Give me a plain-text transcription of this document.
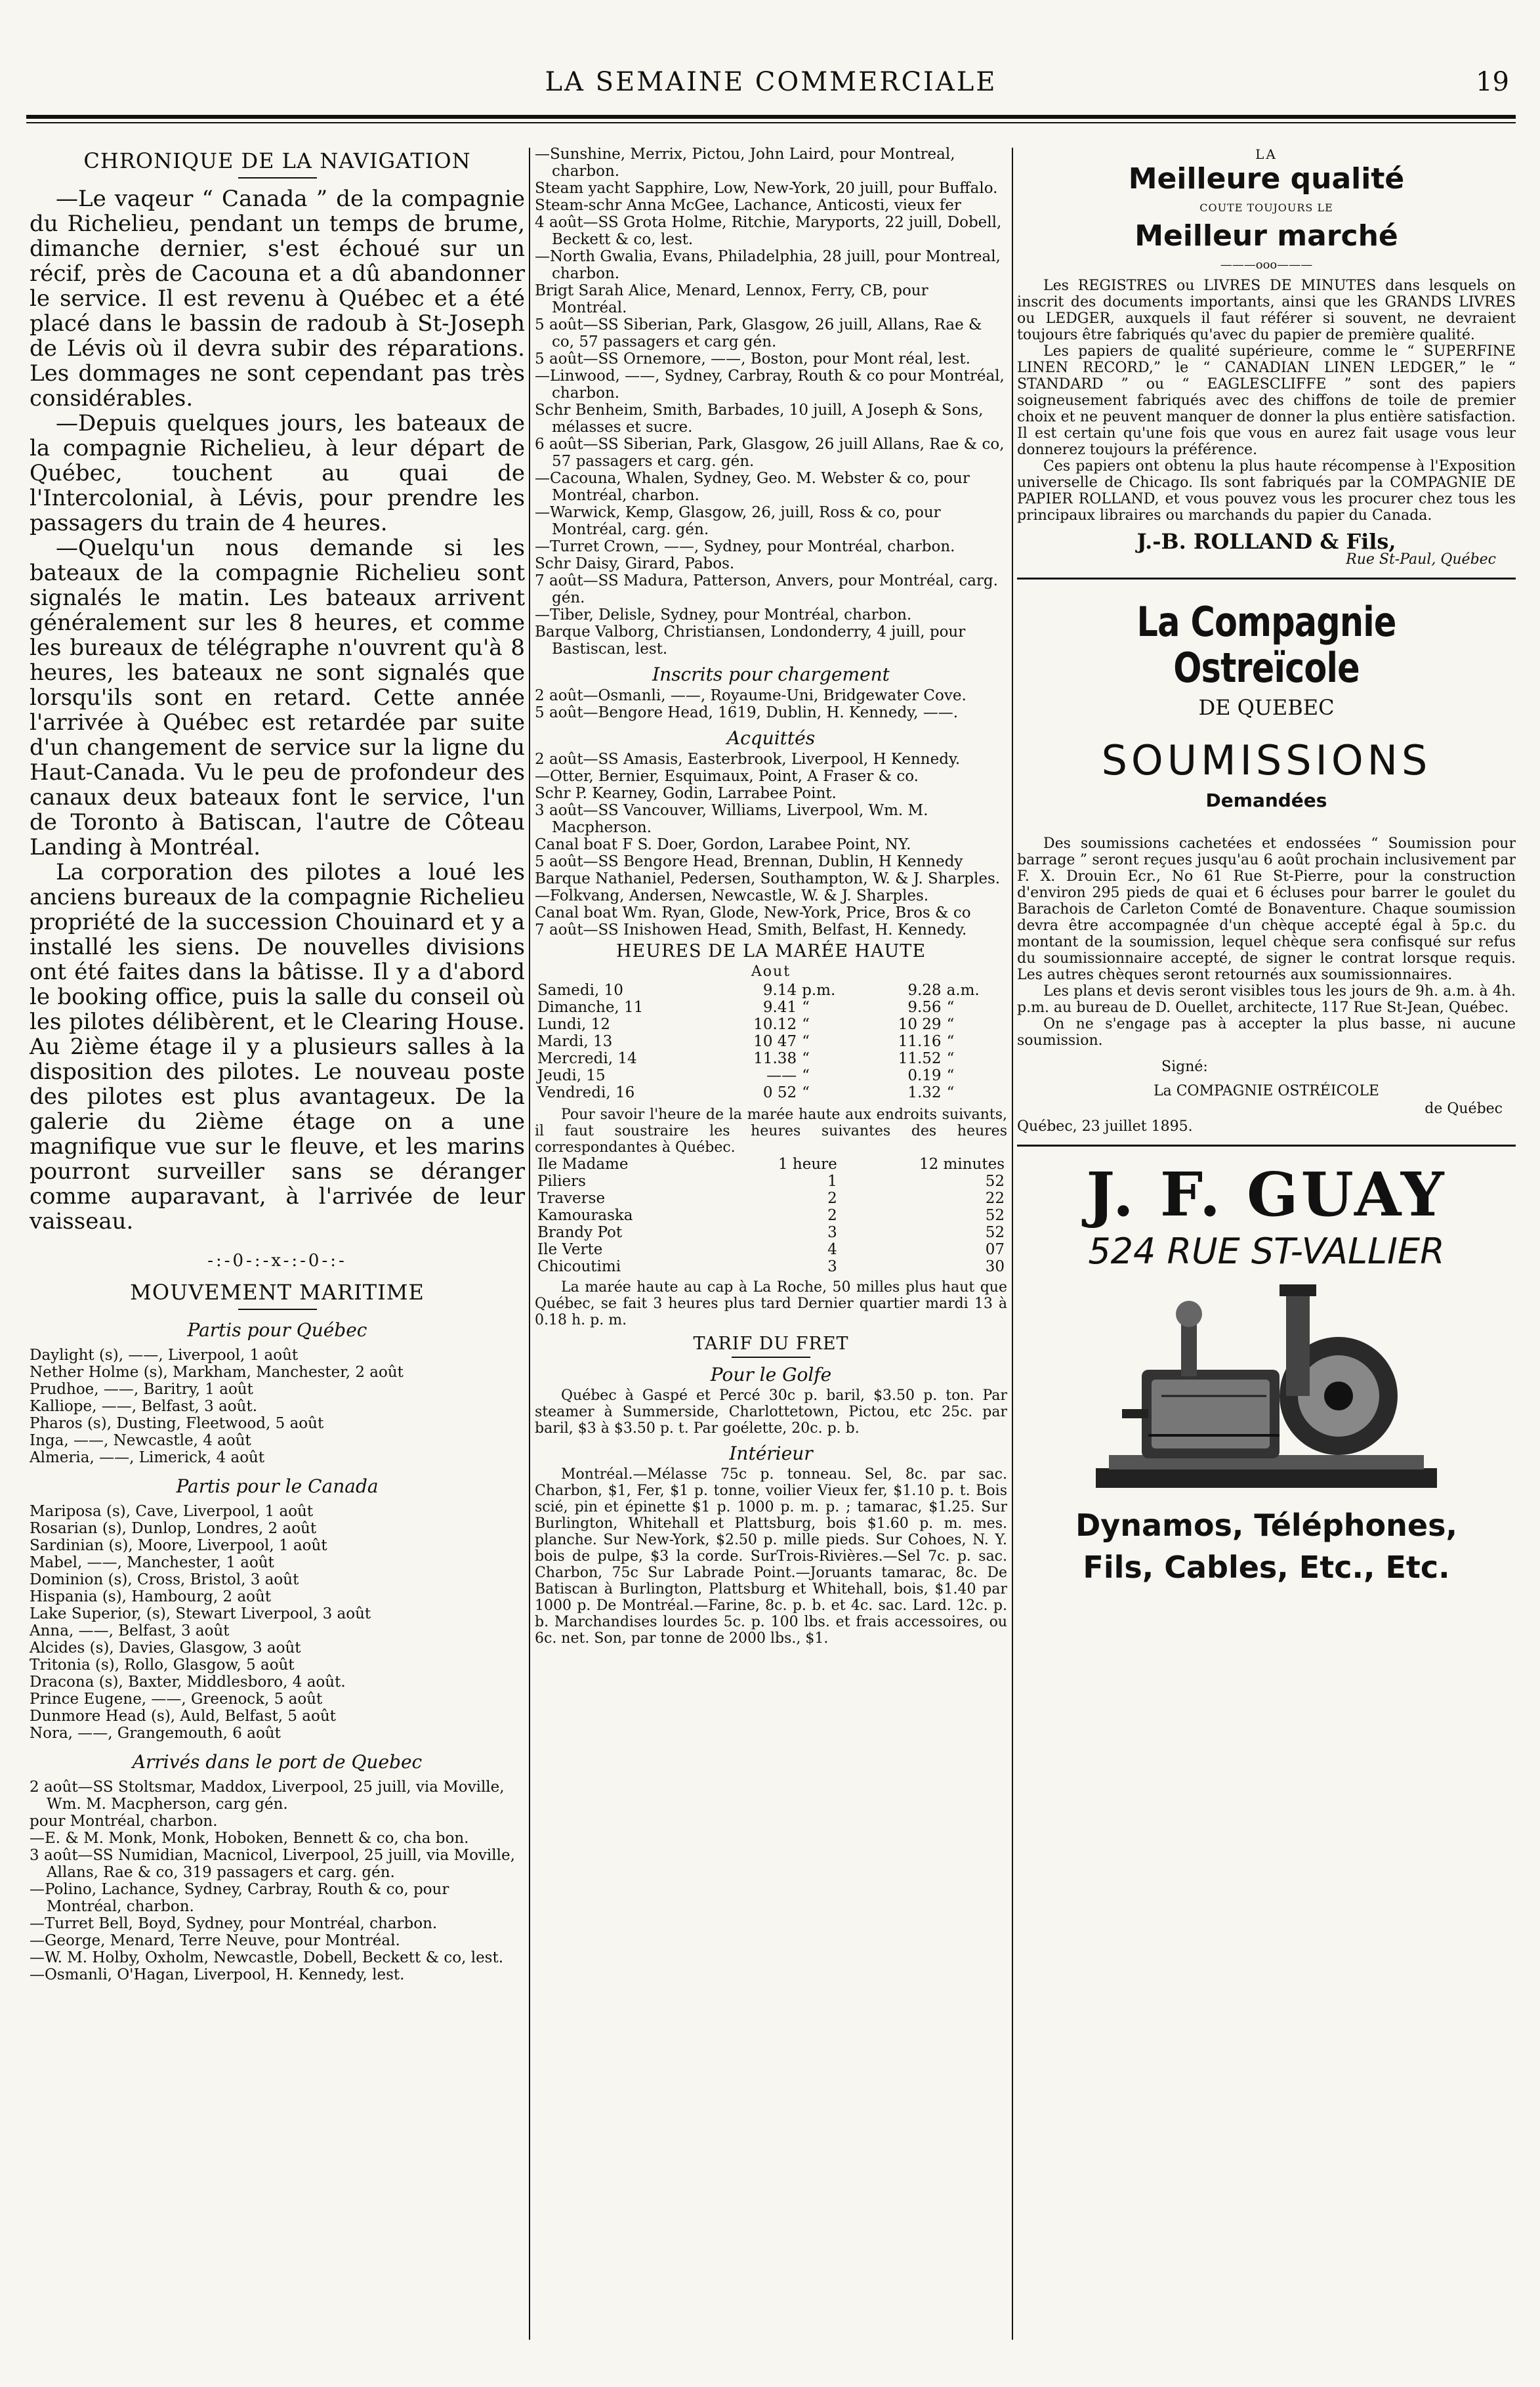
LA SEMAINE COMMERCIALE	19
CHRONIQUE DE LA NAVIGATION

—Le vaqeur “ Canada ” de la compagnie du Richelieu, pendant un temps de brume, dimanche dernier, s'est échoué sur un récif, près de Cacouna et a dû abandonner le service. Il est revenu à Québec et a été placé dans le bassin de radoub à St-Joseph de Lévis où il devra subir des réparations. Les dommages ne sont cependant pas très considérables.

—Depuis quelques jours, les bateaux de la compagnie Richelieu, à leur départ de Québec, touchent au quai de l'Intercolonial, à Lévis, pour prendre les passagers du train de 4 heures.

—Quelqu'un nous demande si les bateaux de la compagnie Richelieu sont signalés le matin. Les bateaux arrivent généralement sur les 8 heures, et comme les bureaux de télégraphe n'ouvrent qu'à 8 heures, les bateaux ne sont signalés que lorsqu'ils sont en retard. Cette année l'arrivée à Québec est retardée par suite d'un changement de service sur la ligne du Haut-Canada. Vu le peu de profondeur des canaux deux bateaux font le service, l'un de Toronto à Batiscan, l'autre de Côteau Landing à Montréal.

La corporation des pilotes a loué les anciens bureaux de la compagnie Richelieu propriété de la succession Chouinard et y a installé les siens. De nouvelles divisions ont été faites dans la bâtisse. Il y a d'abord le booking office, puis la salle du conseil où les pilotes délibèrent, et le Clearing House. Au 2ième étage il y a plusieurs salles à la disposition des pilotes. Le nouveau poste des pilotes est plus avantageux. De la galerie du 2ième étage on a une magnifique vue sur le fleuve, et les marins pourront surveiller sans se déranger comme auparavant, à l'arrivée de leur vaisseau.

-:-0-:-x-:-0-:-
MOUVEMENT MARITIME
Partis pour Québec

Daylight (s), ——, Liverpool, 1 août

Nether Holme (s), Markham, Manchester, 2 août

Prudhoe, ——, Baritry, 1 août

Kalliope, ——, Belfast, 3 août.

Pharos (s), Dusting, Fleetwood, 5 août

Inga, ——, Newcastle, 4 août

Almeria, ——, Limerick, 4 août

Partis pour le Canada

Mariposa (s), Cave, Liverpool, 1 août

Rosarian (s), Dunlop, Londres, 2 août

Sardinian (s), Moore, Liverpool, 1 août

Mabel, ——, Manchester, 1 août

Dominion (s), Cross, Bristol, 3 août

Hispania (s), Hambourg, 2 août

Lake Superior, (s), Stewart Liverpool, 3 août

Anna, ——, Belfast, 3 août

Alcides (s), Davies, Glasgow, 3 août

Tritonia (s), Rollo, Glasgow, 5 août

Dracona (s), Baxter, Middlesboro, 4 août.

Prince Eugene, ——, Greenock, 5 août

Dunmore Head (s), Auld, Belfast, 5 août

Nora, ——, Grangemouth, 6 août

Arrivés dans le port de Quebec

2 août—SS Stoltsmar, Maddox, Liverpool, 25 juill, via Moville, Wm. M. Macpherson, carg gén.

pour Montréal, charbon.

—E. & M. Monk, Monk, Hoboken, Bennett & co, cha bon.

3 août—SS Numidian, Macnicol, Liverpool, 25 juill, via Moville, Allans, Rae & co, 319 passagers et carg. gén.

—Polino, Lachance, Sydney, Carbray, Routh & co, pour Montréal, charbon.

—Turret Bell, Boyd, Sydney, pour Montréal, charbon.

—George, Menard, Terre Neuve, pour Montréal.

—W. M. Holby, Oxholm, Newcastle, Dobell, Beckett & co, lest.

—Osmanli, O'Hagan, Liverpool, H. Kennedy, lest.

—Sunshine, Merrix, Pictou, John Laird, pour Montreal, charbon.

Steam yacht Sapphire, Low, New-York, 20 juill, pour Buffalo.

Steam-schr Anna McGee, Lachance, Anticosti, vieux fer

4 août—SS Grota Holme, Ritchie, Maryports, 22 juill, Dobell, Beckett & co, lest.

—North Gwalia, Evans, Philadelphia, 28 juill, pour Montreal, charbon.

Brigt Sarah Alice, Menard, Lennox, Ferry, CB, pour Montréal.

5 août—SS Siberian, Park, Glasgow, 26 juill, Allans, Rae & co, 57 passagers et carg gén.

5 août—SS Ornemore, ——, Boston, pour Mont réal, lest.

—Linwood, ——, Sydney, Carbray, Routh & co pour Montréal, charbon.

Schr Benheim, Smith, Barbades, 10 juill, A Joseph & Sons, mélasses et sucre.

6 août—SS Siberian, Park, Glasgow, 26 juill Allans, Rae & co, 57 passagers et carg. gén.

—Cacouna, Whalen, Sydney, Geo. M. Webster & co, pour Montréal, charbon.

—Warwick, Kemp, Glasgow, 26, juill, Ross & co, pour Montréal, carg. gén.

—Turret Crown, ——, Sydney, pour Montréal, charbon.

Schr Daisy, Girard, Pabos.

7 août—SS Madura, Patterson, Anvers, pour Montréal, carg. gén.

—Tiber, Delisle, Sydney, pour Montréal, charbon.

Barque Valborg, Christiansen, Londonderry, 4 juill, pour Bastiscan, lest.

Inscrits pour chargement

2 août—Osmanli, ——, Royaume-Uni, Bridgewater Cove.

5 août—Bengore Head, 1619, Dublin, H. Kennedy, ——.

Acquittés

2 août—SS Amasis, Easterbrook, Liverpool, H Kennedy.

—Otter, Bernier, Esquimaux, Point, A Fraser & co.

Schr P. Kearney, Godin, Larrabee Point.

3 août—SS Vancouver, Williams, Liverpool, Wm. M. Macpherson.

Canal boat F S. Doer, Gordon, Larabee Point, NY.

5 août—SS Bengore Head, Brennan, Dublin, H Kennedy

Barque Nathaniel, Pedersen, Southampton, W. & J. Sharples.

—Folkvang, Andersen, Newcastle, W. & J. Sharples.

Canal boat Wm. Ryan, Glode, New-York, Price, Bros & co

7 août—SS Inishowen Head, Smith, Belfast, H. Kennedy.

HEURES DE LA MARÉE HAUTE
Aout
Samedi, 10	9.14	p.m.	9.28	a.m.
Dimanche, 11	9.41	“	9.56	“
Lundi, 12	10.12	“	10 29	“
Mardi, 13	10 47	“	11.16	“
Mercredi, 14	11.38	“	11.52	“
Jeudi, 15	——	“	0.19	“
Vendredi, 16	0 52	“	1.32	“

Pour savoir l'heure de la marée haute aux endroits suivants, il faut soustraire les heures suivantes des heures correspondantes à Québec.

Ile Madame	1 heure	12 minutes
Piliers	1	52
Traverse	2	22
Kamouraska	2	52
Brandy Pot	3	52
Ile Verte	4	07
Chicoutimi	3	30

La marée haute au cap à La Roche, 50 milles plus haut que Québec, se fait 3 heures plus tard Dernier quartier mardi 13 à 0.18 h. p. m.

TARIF DU FRET
Pour le Golfe

Québec à Gaspé et Percé 30c p. baril, $3.50 p. ton. Par steamer à Summerside, Charlottetown, Pictou, etc 25c. par baril, $3 à $3.50 p. t. Par goélette, 20c. p. b.

Intérieur

Montréal.—Mélasse 75c p. tonneau. Sel, 8c. par sac. Charbon, $1, Fer, $1 p. tonne, voilier Vieux fer, $1.10 p. t. Bois scié, pin et épinette $1 p. 1000 p. m. p. ; tamarac, $1.25. Sur Burlington, Whitehall et Plattsburg, bois $1.60 p. m. mes. planche. Sur New-York, $2.50 p. mille pieds. Sur Cohoes, N. Y. bois de pulpe, $3 la corde. SurTrois-Rivières.—Sel 7c. p. sac. Charbon, 75c Sur Labrade Point.—Joruants tamarac, 8c. De Batiscan à Burlington, Plattsburg et Whitehall, bois, $1.40 par 1000 p. De Montréal.—Farine, 8c. p. b. et 4c. sac. Lard. 12c. p. b. Marchandises lourdes 5c. p. 100 lbs. et frais accessoires, ou 6c. net. Son, par tonne de 2000 lbs., $1.

LA
Meilleure qualité
COUTE TOUJOURS LE
Meilleur marché
———ooo———

Les REGISTRES ou LIVRES DE MINUTES dans lesquels on inscrit des documents importants, ainsi que les GRANDS LIVRES ou LEDGER, auxquels il faut référer si souvent, ne devraient toujours être fabriqués qu'avec du papier de première qualité.

Les papiers de qualité supérieure, comme le “ SUPERFINE LINEN RECORD,” le “ CANADIAN LINEN LEDGER,” le “ STANDARD ” ou “ EAGLESCLIFFE ” sont des papiers soigneusement fabriqués avec des chiffons de toile de premier choix et ne peuvent manquer de donner la plus entière satisfaction. Il est certain qu'une fois que vous en aurez fait usage vous leur donnerez toujours la préférence.

Ces papiers ont obtenu la plus haute récompense à l'Exposition universelle de Chicago. Ils sont fabriqués par la COMPAGNIE DE PAPIER ROLLAND, et vous pouvez vous les procurer chez tous les principaux libraires ou marchands du papier du Canada.

J.-B. ROLLAND & Fils,
Rue St-Paul, Québec
La Compagnie Ostreïcole
DE QUEBEC
SOUMISSIONS
Demandées

Des soumissions cachetées et endossées “ Soumission pour barrage ” seront reçues jusqu'au 6 août prochain inclusivement par F. X. Drouin Ecr., No 61 Rue St-Pierre, pour la construction d'environ 295 pieds de quai et 6 écluses pour barrer le goulet du Barachois de Carleton Comté de Bonaventure. Chaque soumission devra être accompagnée d'un chèque accepté égal à 5p.c. du montant de la soumission, lequel chèque sera confisqué sur refus du soumissionnaire accepté, de signer le contrat lorsque requis. Les autres chèques seront retournés aux soumissionnaires.

Les plans et devis seront visibles tous les jours de 9h. a.m. à 4h. p.m. au bureau de D. Ouellet, architecte, 117 Rue St-Jean, Québec.

On ne s'engage pas à accepter la plus basse, ni aucune soumission.

Signé:
La COMPAGNIE OSTRÉICOLE
de Québec
Québec, 23 juillet 1895.
J. F. GUAY
524 RUE ST-VALLIER
Dynamos, Téléphones,
Fils, Cables, Etc., Etc.
